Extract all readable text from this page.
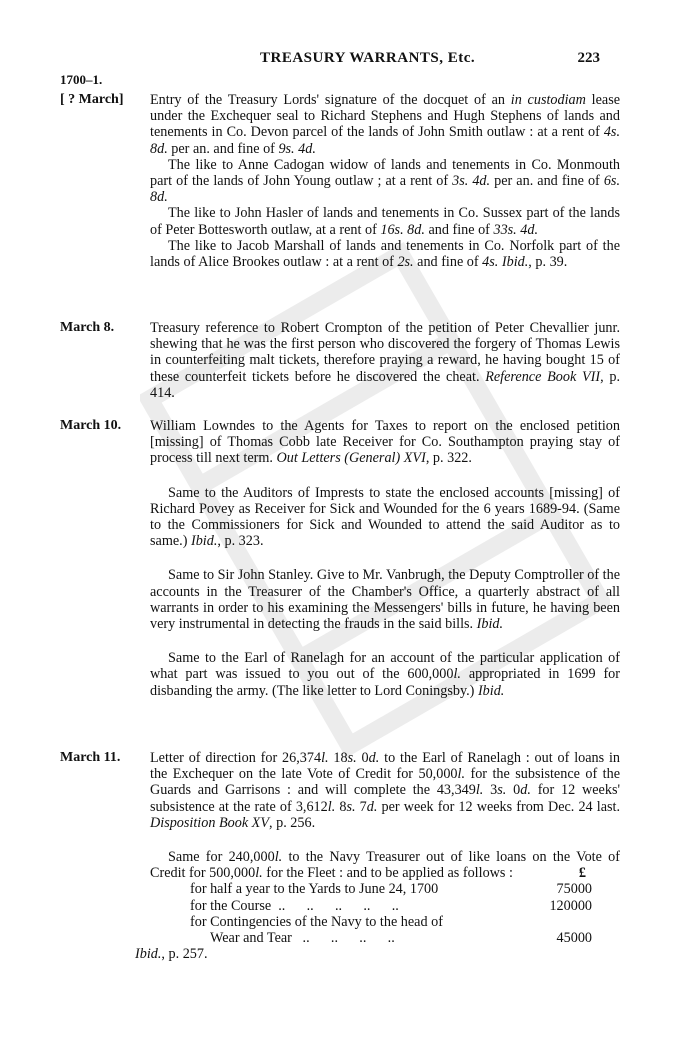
TREASURY WARRANTS, Etc.	223
1700–1.
[ ? March]	Entry of the Treasury Lords' signature of the docquet of an in custodiam lease under the Exchequer seal to Richard Stephens and Hugh Stephens of lands and tenements in Co. Devon parcel of the lands of John Smith outlaw : at a rent of 4s. 8d. per an. and fine of 9s. 4d.

The like to Anne Cadogan widow of lands and tenements in Co. Monmouth part of the lands of John Young outlaw ; at a rent of 3s. 4d. per an. and fine of 6s. 8d.

The like to John Hasler of lands and tenements in Co. Sussex part of the lands of Peter Bottesworth outlaw, at a rent of 16s. 8d. and fine of 33s. 4d.

The like to Jacob Marshall of lands and tenements in Co. Norfolk part of the lands of Alice Brookes outlaw : at a rent of 2s. and fine of 4s. Ibid., p. 39.

March 8.	Treasury reference to Robert Crompton of the petition of Peter Chevallier junr. shewing that he was the first person who discovered the forgery of Thomas Lewis in counterfeiting malt tickets, therefore praying a reward, he having bought 15 of these counterfeit tickets before he discovered the cheat. Reference Book VII, p. 414.

March 10.	William Lowndes to the Agents for Taxes to report on the enclosed petition [missing] of Thomas Cobb late Receiver for Co. Southampton praying stay of process till next term. Out Letters (General) XVI, p. 322.

Same to the Auditors of Imprests to state the enclosed accounts [missing] of Richard Povey as Receiver for Sick and Wounded for the 6 years 1689-94. (Same to the Commissioners for Sick and Wounded to attend the said Auditor as to same.) Ibid., p. 323.

Same to Sir John Stanley. Give to Mr. Vanbrugh, the Deputy Comptroller of the accounts in the Treasurer of the Chamber's Office, a quarterly abstract of all warrants in order to his examining the Messengers' bills in future, he having been very instrumental in detecting the frauds in the said bills. Ibid.

Same to the Earl of Ranelagh for an account of the particular application of what part was issued to you out of the 600,000l. appropriated in 1699 for disbanding the army. (The like letter to Lord Coningsby.) Ibid.

March 11.	Letter of direction for 26,374l. 18s. 0d. to the Earl of Ranelagh : out of loans in the Exchequer on the late Vote of Credit for 50,000l. for the subsistence of the Guards and Garrisons : and will complete the 43,349l. 3s. 0d. for 12 weeks' subsistence at the rate of 3,612l. 8s. 7d. per week for 12 weeks from Dec. 24 last. Disposition Book XV, p. 256.

Same for 240,000l. to the Navy Treasurer out of like loans on the Vote of Credit for 500,000l. for the Fleet : and to be applied as follows :	£
for half a year to the Yards to June 24, 1700	75000
for the Course  ..      ..      ..      ..      ..	120000
for Contingencies of the Navy to the head of
Wear and Tear   ..      ..      ..      ..	45000
Ibid., p. 257.
